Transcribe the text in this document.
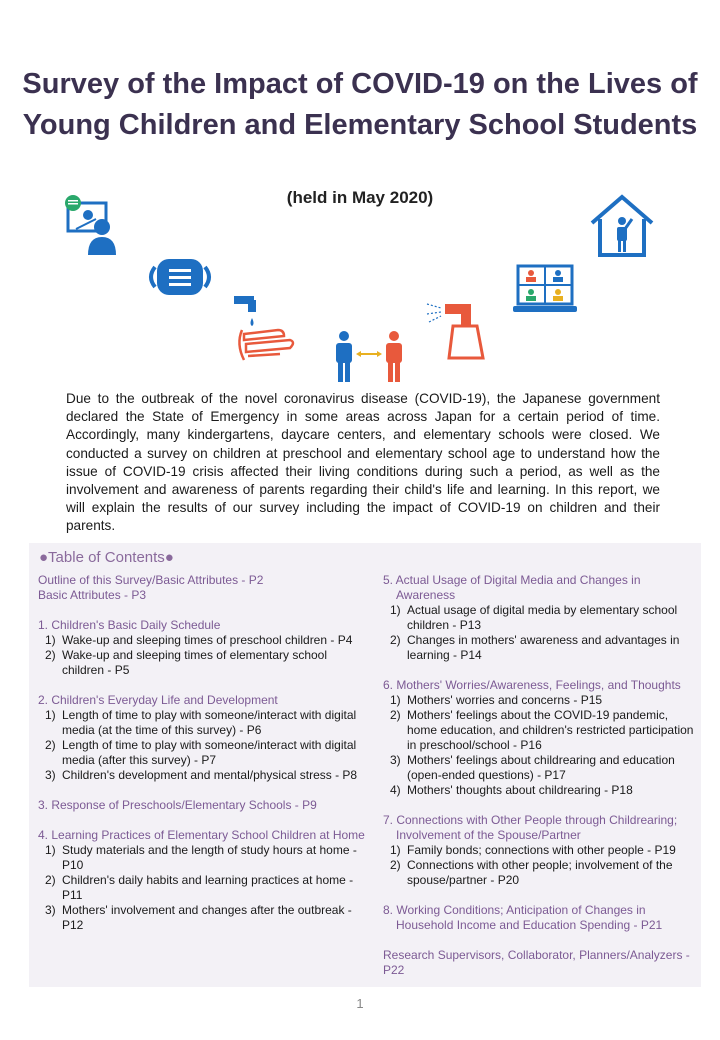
Survey of the Impact of COVID-19 on the Lives of Young Children and Elementary School Students
(held in May 2020)

Due to the outbreak of the novel coronavirus disease (COVID-19), the Japanese government declared the State of Emergency in some areas across Japan for a certain period of time. Accordingly, many kindergartens, daycare centers, and elementary schools were closed. We conducted a survey on children at preschool and elementary school age to understand how the issue of COVID-19 crisis affected their living conditions during such a period, as well as the involvement and awareness of parents regarding their child's life and learning. In this report, we will explain the results of our survey including the impact of COVID-19 on children and their parents.

●Table of Contents●

Outline of this Survey/Basic Attributes - P2

Basic Attributes - P3

1. Children's Basic Daily Schedule

1) Wake-up and sleeping times of preschool children - P4

2) Wake-up and sleeping times of elementary school children - P5

2. Children's Everyday Life and Development

1) Length of time to play with someone/interact with digital media (at the time of this survey) - P6

2) Length of time to play with someone/interact with digital media (after this survey) - P7

3) Children's development and mental/physical stress - P8

3. Response of Preschools/Elementary Schools - P9

4. Learning Practices of Elementary School Children at Home

1) Study materials and the length of study hours at home - P10

2) Children's daily habits and learning practices at home - P11

3) Mothers' involvement and changes after the outbreak - P12

5. Actual Usage of Digital Media and Changes in Awareness

1) Actual usage of digital media by elementary school children - P13

2) Changes in mothers' awareness and advantages in learning - P14

6. Mothers' Worries/Awareness, Feelings, and Thoughts

1) Mothers' worries and concerns - P15

2) Mothers' feelings about the COVID-19 pandemic, home education, and children's restricted participation in preschool/school - P16

3) Mothers' feelings about childrearing and education (open-ended questions) - P17

4) Mothers' thoughts about childrearing - P18

7. Connections with Other People through Childrearing; Involvement of the Spouse/Partner

1) Family bonds; connections with other people - P19

2) Connections with other people; involvement of the spouse/partner - P20

8. Working Conditions; Anticipation of Changes in Household Income and Education Spending - P21

Research Supervisors, Collaborator, Planners/Analyzers - P22

1
